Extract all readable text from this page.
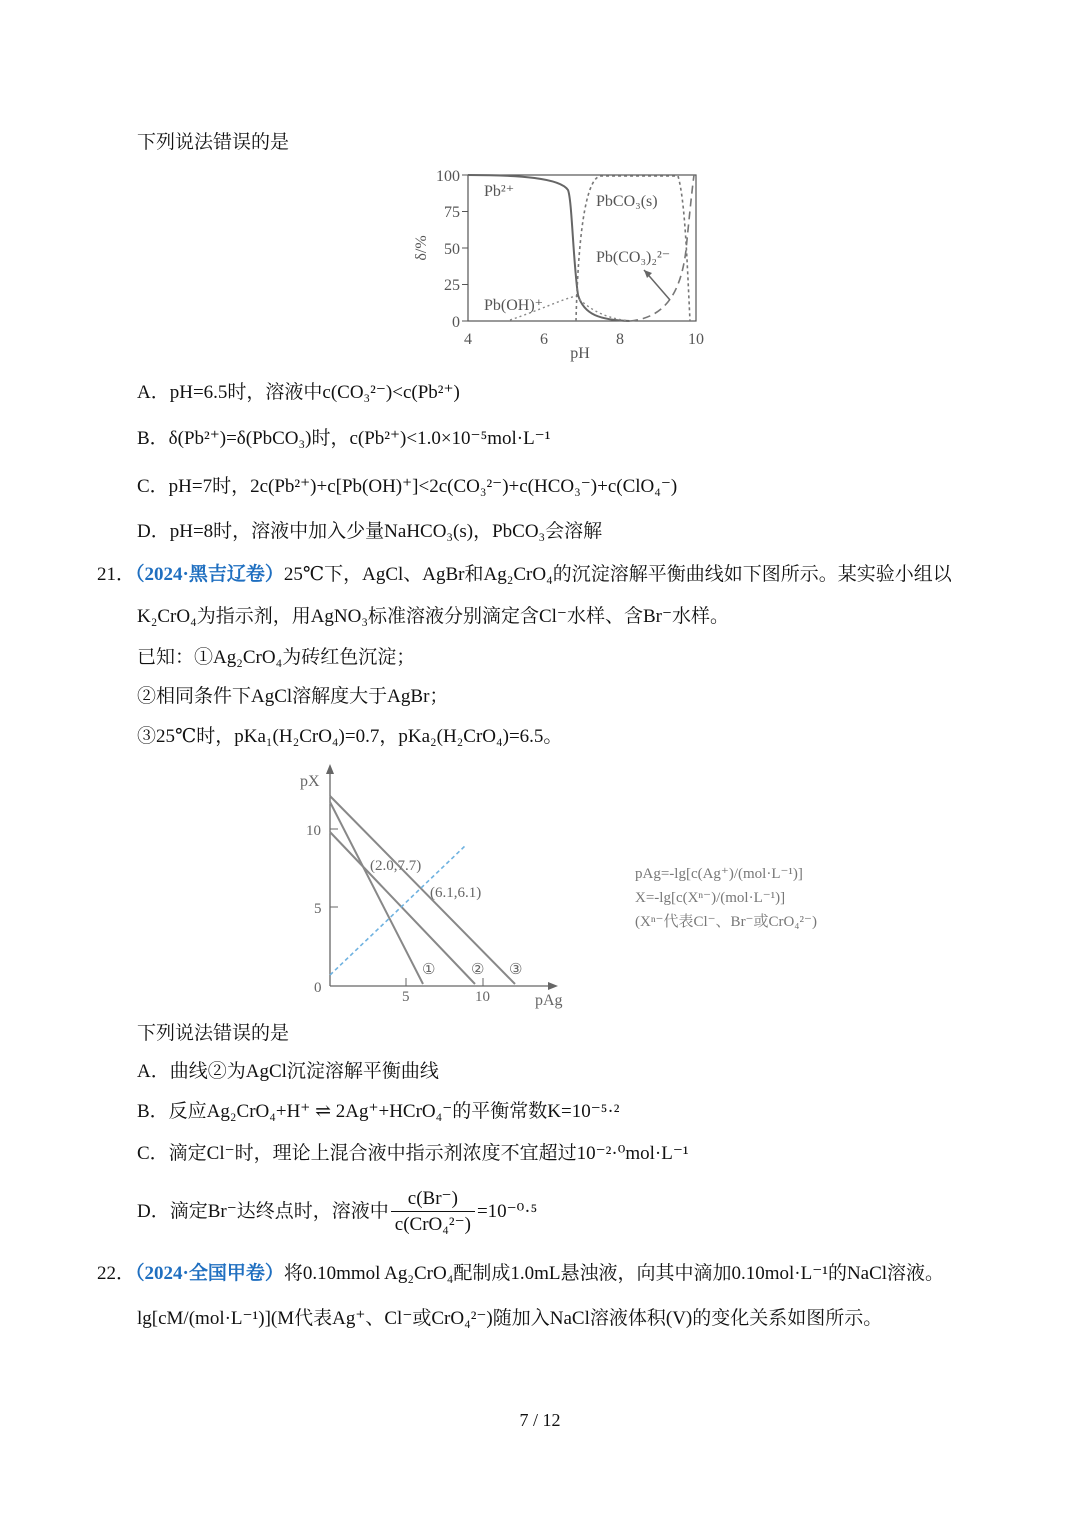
下列说法错误的是
100
75
50
25
0
4	6	8	10
pH
δ/%
Pb²⁺
PbCO₃(s)
Pb(CO₃)₂²⁻
Pb(OH)⁺
A．pH=6.5时，溶液中c(CO₃²⁻)<c(Pb²⁺)
B．δ(Pb²⁺)=δ(PbCO₃)时，c(Pb²⁺)<1.0×10⁻⁵mol·L⁻¹
C．pH=7时，2c(Pb²⁺)+c[Pb(OH)⁺]<2c(CO₃²⁻)+c(HCO₃⁻)+c(ClO₄⁻)
D．pH=8时，溶液中加入少量NaHCO₃(s)，PbCO₃会溶解
21．（2024·黑吉辽卷）25℃下，AgCl、AgBr和Ag₂CrO₄的沉淀溶解平衡曲线如下图所示。某实验小组以
K₂CrO₄为指示剂，用AgNO₃标准溶液分别滴定含Cl⁻水样、含Br⁻水样。
已知：①Ag₂CrO₄为砖红色沉淀；
②相同条件下AgCl溶解度大于AgBr；
③25℃时，pKa₁(H₂CrO₄)=0.7，pKa₂(H₂CrO₄)=6.5。
pX
pAg
10
5
0
5	10
(2.0,7.7)
(6.1,6.1)
① ② ③
pAg=-lg[c(Ag⁺)/(mol·L⁻¹)]
X=-lg[c(Xⁿ⁻)/(mol·L⁻¹)]
(Xⁿ⁻代表Cl⁻、Br⁻或CrO₄²⁻)
下列说法错误的是
A．曲线②为AgCl沉淀溶解平衡曲线
B．反应Ag₂CrO₄+H⁺ ⇌ 2Ag⁺+HCrO₄⁻的平衡常数K=10⁻⁵·²
C．滴定Cl⁻时，理论上混合液中指示剂浓度不宜超过10⁻²·⁰mol·L⁻¹
D．滴定Br⁻达终点时，溶液中 $\frac{c(Br^-)}{\text{c(CrO₄²⁻)}} =10^{-0}\cdot^5$
22．（2024·全国甲卷）将0.10mmol Ag₂CrO₄配制成1.0mL悬浊液，向其中滴加0.10mol·L⁻¹的NaCl溶液。
lg[cM/(mol·L⁻¹)](M代表Ag⁺、Cl⁻或CrO₄²⁻)随加入NaCl溶液体积(V)的变化关系如图所示。
7 / 12
